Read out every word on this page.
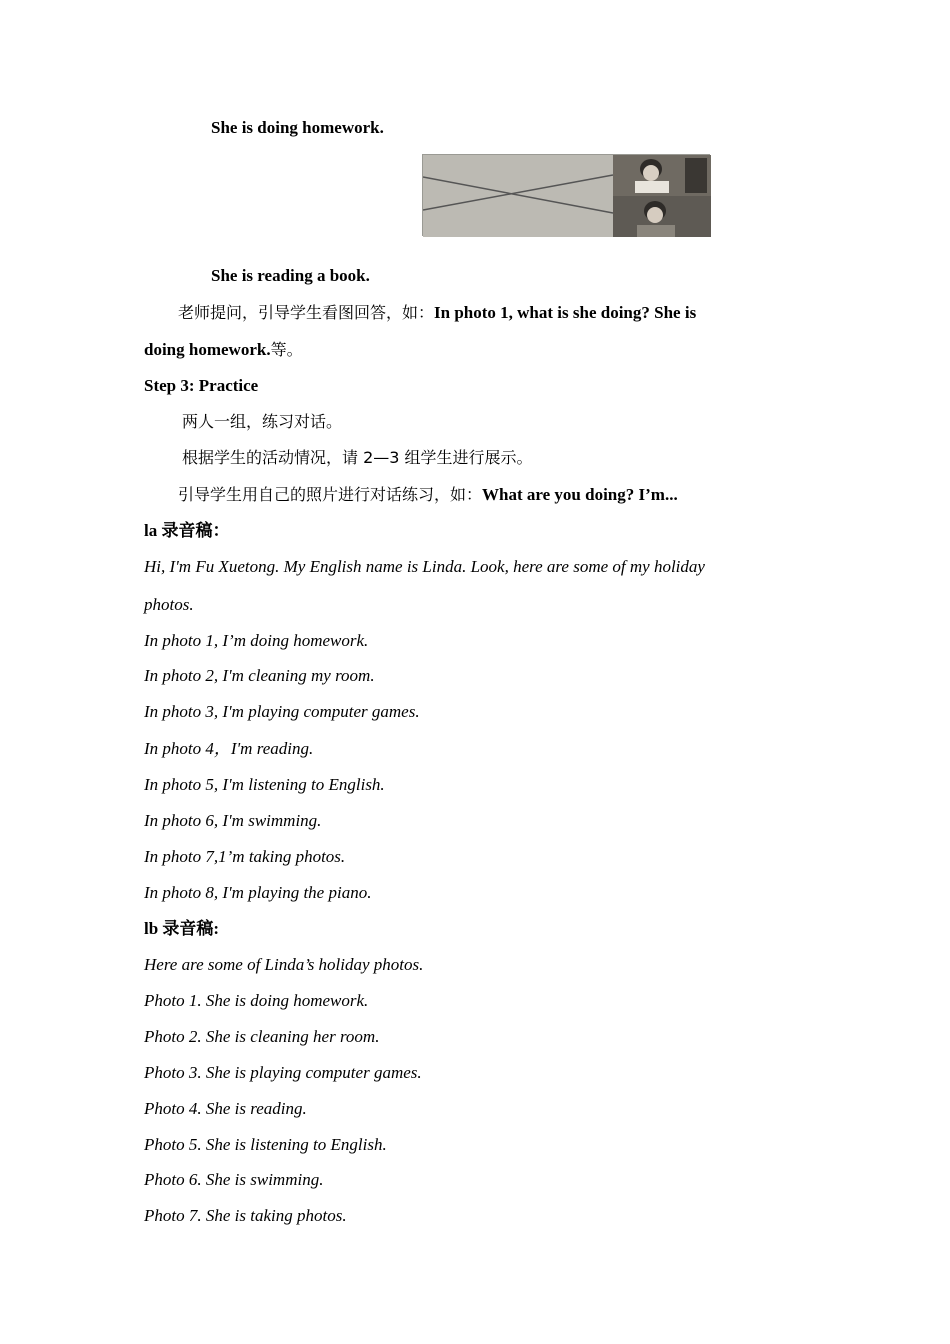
She is doing homework.
She is reading a book.
老师提问，引导学生看图回答，如：In photo 1, what is she doing? She is
doing homework.等。
Step 3: Practice
两人一组，练习对话。
根据学生的活动情况，请 2—3 组学生进行展示。
引导学生用自己的照片进行对话练习，如：What are you doing? I’m...
la 录音稿：
Hi, I'm Fu Xuetong. My English name is Linda. Look, here are some of my holiday
photos.
In photo 1, I’m doing homework.
In photo 2, I'm cleaning my room.
In photo 3, I'm playing computer games.
In photo 4，I'm reading.
In photo 5, I'm listening to English.
In photo 6, I'm swimming.
In photo 7,1’m taking photos.
In photo 8, I'm playing the piano.
lb 录音稿:
Here are some of Linda’s holiday photos.
Photo 1. She is doing homework.
Photo 2. She is cleaning her room.
Photo 3. She is playing computer games.
Photo 4. She is reading.
Photo 5. She is listening to English.
Photo 6. She is swimming.
Photo 7. She is taking photos.
